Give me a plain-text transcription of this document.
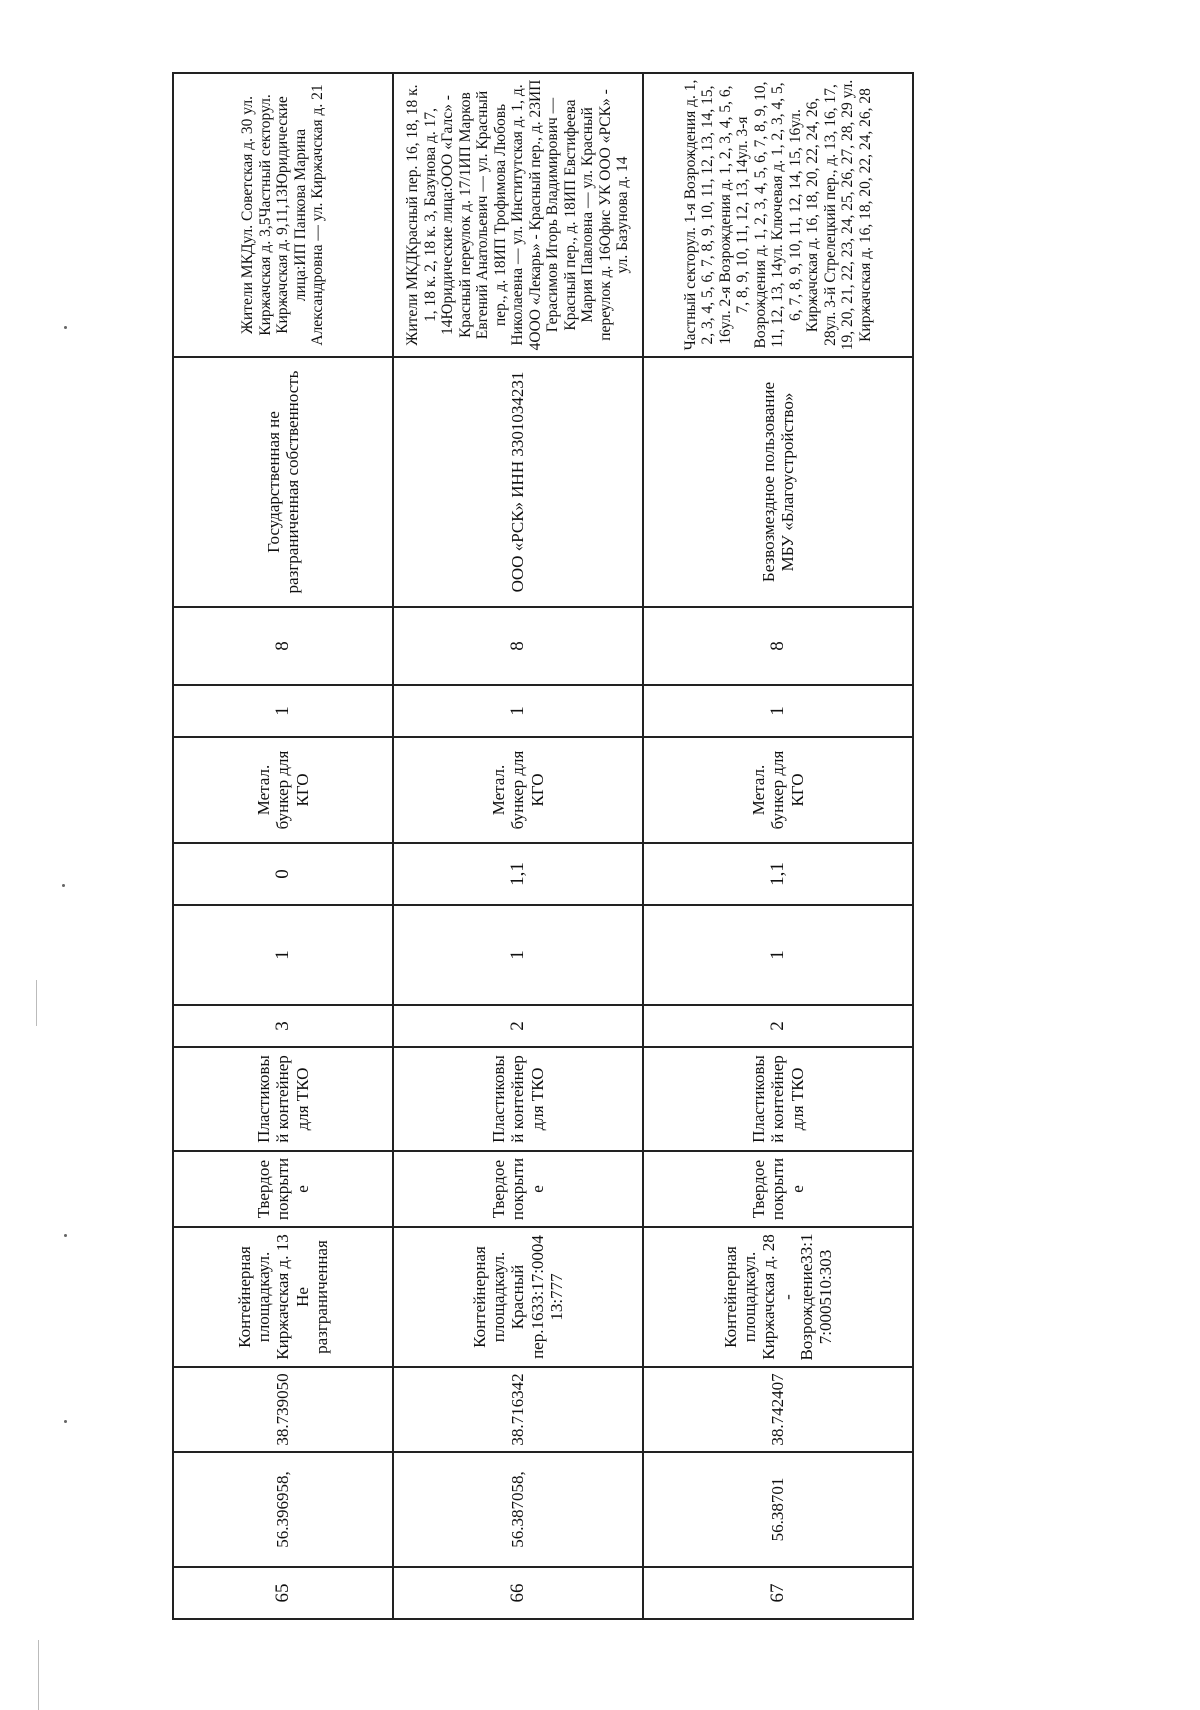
65	56.396958,	38.739050	Контейнерная площадкаул. Киржачская д. 13 Не разграниченная	Твердое покрытие	Пластиковый контейнер для ТКО	3	1	0	Метал. бункер для КГО	1	8	Государственная не разграниченная собственность	Жители МКДул. Советская д. 30 ул. Киржачская д. 3,5Частный секторул. Киржачская д. 9,11,13Юридические лица:ИП Панкова Марина Александровна — ул. Киржачская д. 21
66	56.387058,	38.716342	Контейнерная площадкаул. Красный пер.1633:17:0004 13:777	Твердое покрытие	Пластиковый контейнер для ТКО	2	1	1,1	Метал. бункер для КГО	1	8	ООО «РСК» ИНН 3301034231	Жители МКДКрасный пер. 16, 18, 18 к. 1, 18 к. 2, 18 к. 3, Базунова д. 17, 14Юридические лица:ООО «Галс» - Красный переулок д. 17/1ИП Марков Евгений Анатольевич — ул. Красный пер., д. 18ИП Трофимова Любовь Николаевна — ул. Институтская д. 1, д. 4ООО «Лекарь» - Красный пер., д. 23ИП Герасимов Игорь Владимирович — Красный пер., д. 18ИП Евстифеева Мария Павловна — ул. Красный переулок д. 16Офис УК ООО «РСК» - ул. Базунова д. 14
67	56.38701	38.742407	Контейнерная площадкаул. Киржачская д. 28 - Возрождение33:17:000510:303	Твердое покрытие	Пластиковый контейнер для ТКО	2	1	1,1	Метал. бункер для КГО	1	8	Безвозмездное пользование МБУ «Благоустройство»	Частный секторул. 1-я Возрождения д. 1, 2, 3, 4, 5, 6, 7, 8, 9, 10, 11, 12, 13, 14, 15, 16ул. 2-я Возрождения д. 1, 2, 3, 4, 5, 6, 7, 8, 9, 10, 11, 12, 13, 14ул. 3-я Возрождения д. 1, 2, 3, 4, 5, 6, 7, 8, 9, 10, 11, 12, 13, 14ул. Ключевая д. 1, 2, 3, 4, 5, 6, 7, 8, 9, 10, 11, 12, 14, 15, 16ул. Киржачская д. 16, 18, 20, 22, 24, 26, 28ул. 3-й Стрелецкий пер., д. 13, 16, 17, 19, 20, 21, 22, 23, 24, 25, 26, 27, 28, 29 ул. Киржачская д. 16, 18, 20, 22, 24, 26, 28
